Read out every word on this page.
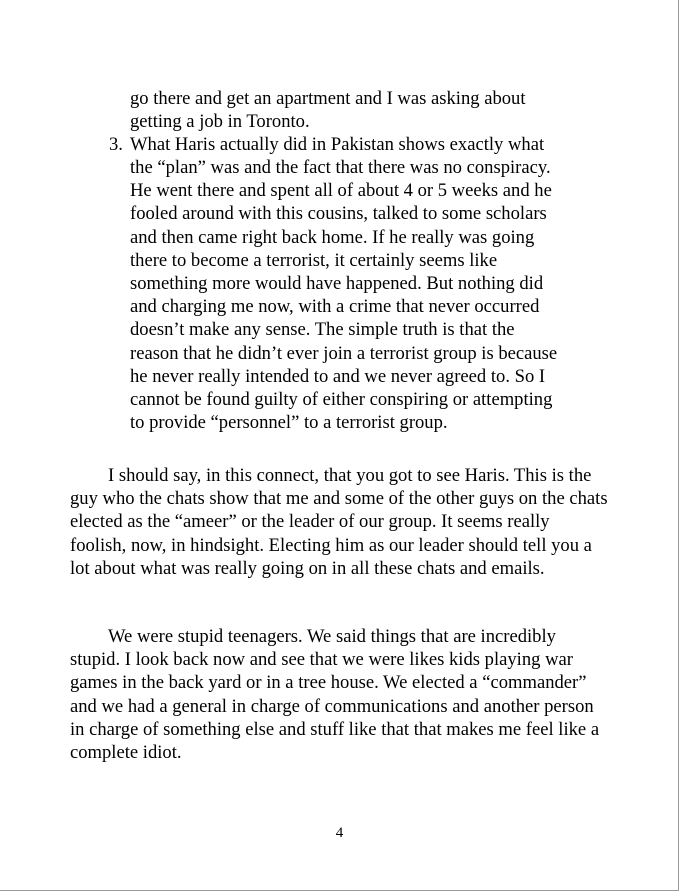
go there and get an apartment and I was asking about
getting a job in Toronto.
3. What Haris actually did in Pakistan shows exactly what
the “plan” was and the fact that there was no conspiracy.
He went there and spent all of about 4 or 5 weeks and he
fooled around with this cousins, talked to some scholars
and then came right back home. If he really was going
there to become a terrorist, it certainly seems like
something more would have happened. But nothing did
and charging me now, with a crime that never occurred
doesn’t make any sense. The simple truth is that the
reason that he didn’t ever join a terrorist group is because
he never really intended to and we never agreed to. So I
cannot be found guilty of either conspiring or attempting
to provide “personnel” to a terrorist group.

I should say, in this connect, that you got to see Haris. This is the guy who the chats show that me and some of the other guys on the chats elected as the “ameer” or the leader of our group. It seems really foolish, now, in hindsight. Electing him as our leader should tell you a lot about what was really going on in all these chats and emails.

We were stupid teenagers. We said things that are incredibly stupid. I look back now and see that we were likes kids playing war games in the back yard or in a tree house. We elected a “commander” and we had a general in charge of communications and another person in charge of something else and stuff like that that makes me feel like a complete idiot.

4
